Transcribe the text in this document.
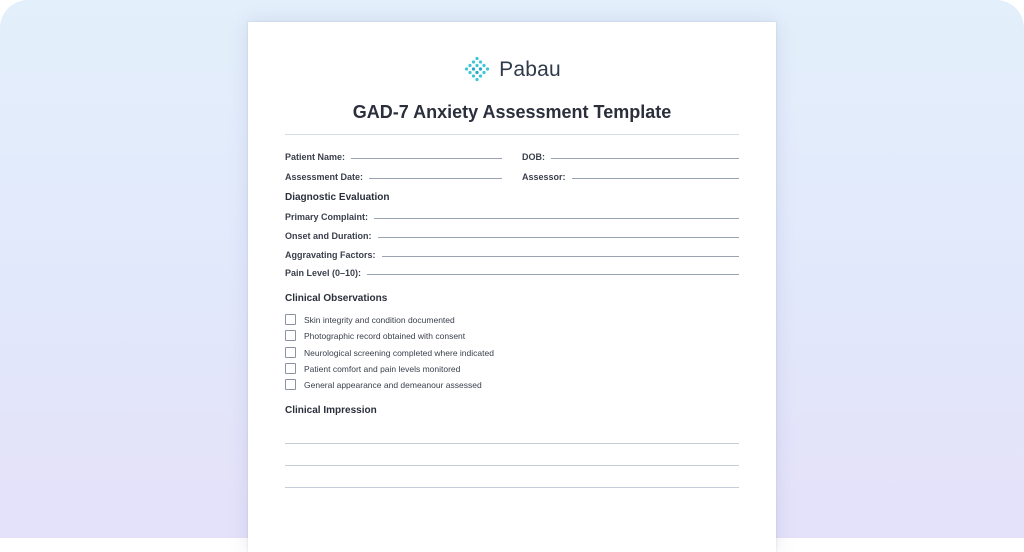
Pabau
GAD-7 Anxiety Assessment Template
Patient Name:	DOB:
Assessment Date:	Assessor:
Diagnostic Evaluation
Primary Complaint:
Onset and Duration:
Aggravating Factors:
Pain Level (0–10):
Clinical Observations
Skin integrity and condition documented
Photographic record obtained with consent
Neurological screening completed where indicated
Patient comfort and pain levels monitored
General appearance and demeanour assessed
Clinical Impression
